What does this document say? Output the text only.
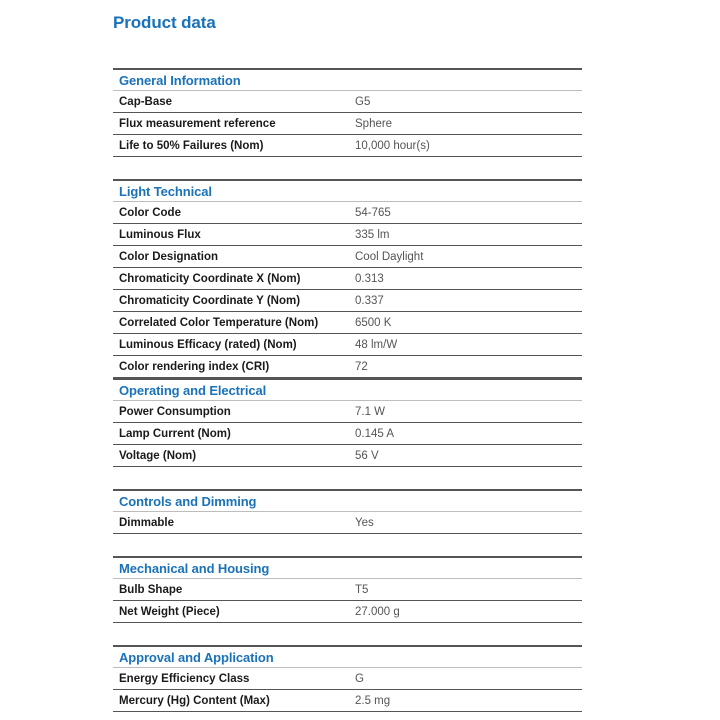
Product data
General Information
Cap-Base	G5
Flux measurement reference	Sphere
Life to 50% Failures (Nom)	10,000 hour(s)
Light Technical
Color Code	54-765
Luminous Flux	335 lm
Color Designation	Cool Daylight
Chromaticity Coordinate X (Nom)	0.313
Chromaticity Coordinate Y (Nom)	0.337
Correlated Color Temperature (Nom)	6500 K
Luminous Efficacy (rated) (Nom)	48 lm/W
Color rendering index (CRI)	72
Operating and Electrical
Power Consumption	7.1 W
Lamp Current (Nom)	0.145 A
Voltage (Nom)	56 V
Controls and Dimming
Dimmable	Yes
Mechanical and Housing
Bulb Shape	T5
Net Weight (Piece)	27.000 g
Approval and Application
Energy Efficiency Class	G
Mercury (Hg) Content (Max)	2.5 mg
